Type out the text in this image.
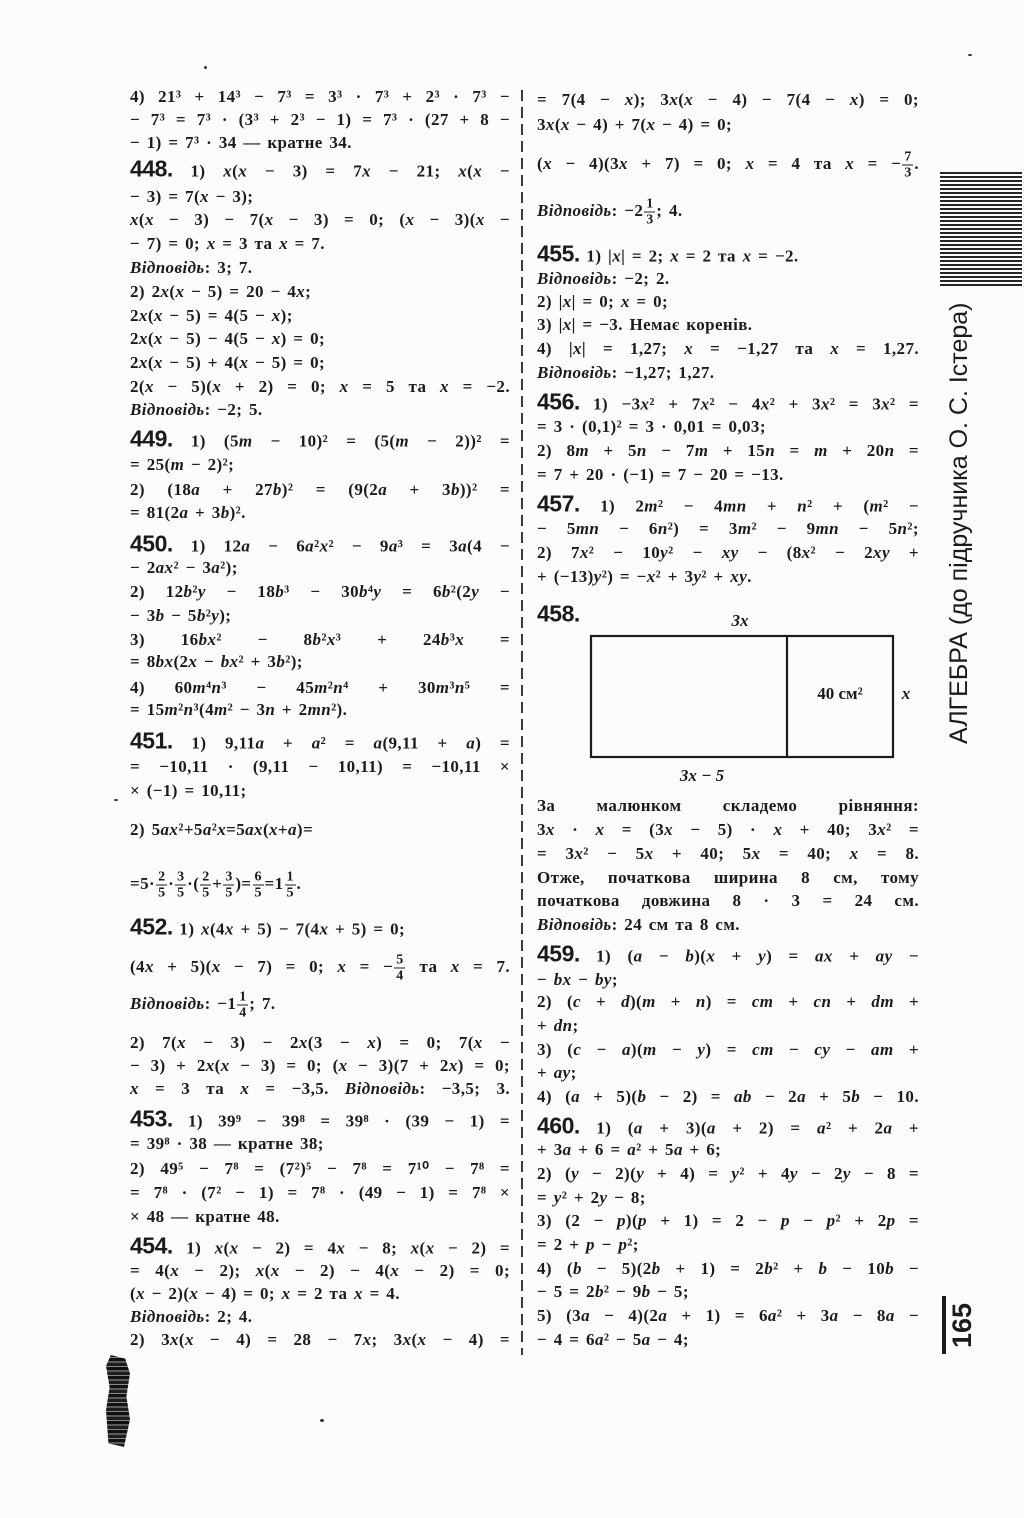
4) 21³ + 14³ − 7³ = 3³ · 7³ + 2³ · 7³ −
− 7³ = 7³ · (3³ + 2³ − 1) = 7³ · (27 + 8 −
− 1) = 7³ · 34 — кратне 34.
448. 1) x(x − 3) = 7x − 21; x(x −
− 3) = 7(x − 3);
x(x − 3) − 7(x − 3) = 0; (x − 3)(x −
− 7) = 0; x = 3 та x = 7.
Відповідь: 3; 7.
2) 2x(x − 5) = 20 − 4x;
2x(x − 5) = 4(5 − x);
2x(x − 5) − 4(5 − x) = 0;
2x(x − 5) + 4(x − 5) = 0;
2(x − 5)(x + 2) = 0; x = 5 та x = −2.
Відповідь: −2; 5.
449. 1) (5m − 10)² = (5(m − 2))² =
= 25(m − 2)²;
2) (18a + 27b)² = (9(2a + 3b))² =
= 81(2a + 3b)².
450. 1) 12a − 6a²x² − 9a³ = 3a(4 −
− 2ax² − 3a²);
2) 12b²y − 18b³ − 30b⁴y = 6b²(2y −
− 3b − 5b²y);
3) 16bx² − 8b²x³ + 24b³x =
= 8bx(2x − bx² + 3b²);
4) 60m⁴n³ − 45m²n⁴ + 30m³n⁵ =
= 15m²n³(4m² − 3n + 2mn²).
451. 1) 9,11a + a² = a(9,11 + a) =
= −10,11 · (9,11 − 10,11) = −10,11 ×
× (−1) = 10,11;
2) 5ax²+5a²x=5ax(x+a)=
$=5\cdot \frac{2}{5} \cdot \frac{3}{5}$ ·( $\frac{2}{5} + \frac{3}{5}$ )= $\frac{6}{5} =1 \frac{1}{5}$ .
452. 1) x(4x + 5) − 7(4x + 5) = 0;
(4x + 5)(x − 7) = 0; x = − $\frac{5}{4}$ та x = 7.
Відповідь: $-1 \frac{1}{4}$ ; 7.
2) 7(x − 3) − 2x(3 − x) = 0; 7(x −
− 3) + 2x(x − 3) = 0; (x − 3)(7 + 2x) = 0;
x = 3 та x = −3,5. Відповідь: −3,5; 3.
453. 1) 39⁹ − 39⁸ = 39⁸ · (39 − 1) =
= 39⁸ · 38 — кратне 38;
2) 49⁵ − 7⁸ = (7²)⁵ − 7⁸ = 7¹⁰ − 7⁸ =
= 7⁸ · (7² − 1) = 7⁸ · (49 − 1) = 7⁸ ×
× 48 — кратне 48.
454. 1) x(x − 2) = 4x − 8; x(x − 2) =
= 4(x − 2); x(x − 2) − 4(x − 2) = 0;
(x − 2)(x − 4) = 0; x = 2 та x = 4.
Відповідь: 2; 4.
2) 3x(x − 4) = 28 − 7x; 3x(x − 4) =
= 7(4 − x); 3x(x − 4) − 7(4 − x) = 0;
3x(x − 4) + 7(x − 4) = 0;
(x − 4)(3x + 7) = 0; x = 4 та x = − $\frac{7}{3}$ .
Відповідь: $-2 \frac{1}{3}$ ; 4.
455. 1) |x| = 2; x = 2 та x = −2.
Відповідь: −2; 2.
2) |x| = 0; x = 0;
3) |x| = −3. Немає коренів.
4) |x| = 1,27; x = −1,27 та x = 1,27.
Відповідь: −1,27; 1,27.
456. 1) −3x² + 7x² − 4x² + 3x² = 3x² =
= 3 · (0,1)² = 3 · 0,01 = 0,03;
2) 8m + 5n − 7m + 15n = m + 20n =
= 7 + 20 · (−1) = 7 − 20 = −13.
457. 1) 2m² − 4mn + n² + (m² −
− 5mn − 6n²) = 3m² − 9mn − 5n²;
2) 7x² − 10y² − xy − (8x² − 2xy +
+ (−13)y²) = −x² + 3y² + xy.
458.
За малюнком складемо рівняння:
3x · x = (3x − 5) · x + 40; 3x² =
= 3x² − 5x + 40; 5x = 40; x = 8.
Отже, початкова ширина 8 см, тому
початкова довжина 8 · 3 = 24 см.
Відповідь: 24 см та 8 см.
459. 1) (a − b)(x + y) = ax + ay −
− bx − by;
2) (c + d)(m + n) = cm + cn + dm +
+ dn;
3) (c − a)(m − y) = cm − cy − am +
+ ay;
4) (a + 5)(b − 2) = ab − 2a + 5b − 10.
460. 1) (a + 3)(a + 2) = a² + 2a +
+ 3a + 6 = a² + 5a + 6;
2) (y − 2)(y + 4) = y² + 4y − 2y − 8 =
= y² + 2y − 8;
3) (2 − p)(p + 1) = 2 − p − p² + 2p =
= 2 + p − p²;
4) (b − 5)(2b + 1) = 2b² + b − 10b −
− 5 = 2b² − 9b − 5;
5) (3a − 4)(2a + 1) = 6a² + 3a − 8a −
− 4 = 6a² − 5a − 4;
3x
40 см² x
3x − 5
АЛГЕБРА (до підручника О. С. Істера)
165
